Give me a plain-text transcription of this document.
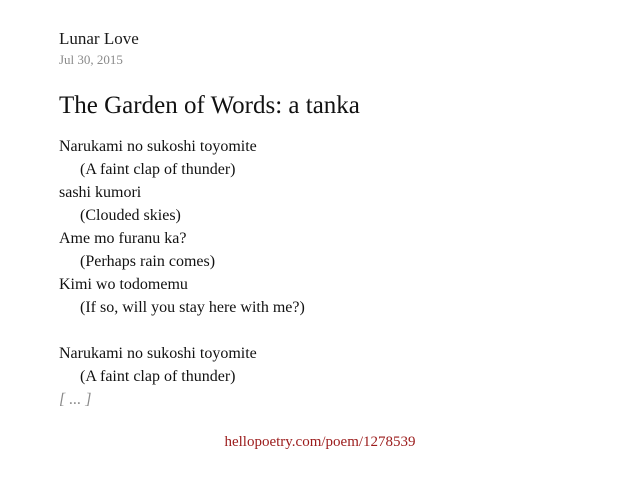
Lunar Love
Jul 30, 2015
The Garden of Words: a tanka
Narukami no sukoshi toyomite
(A faint clap of thunder)
sashi kumori
(Clouded skies)
Ame mo furanu ka?
(Perhaps rain comes)
Kimi wo todomemu
(If so, will you stay here with me?)
Narukami no sukoshi toyomite
(A faint clap of thunder)
[ ... ]
hellopoetry.com/poem/1278539
